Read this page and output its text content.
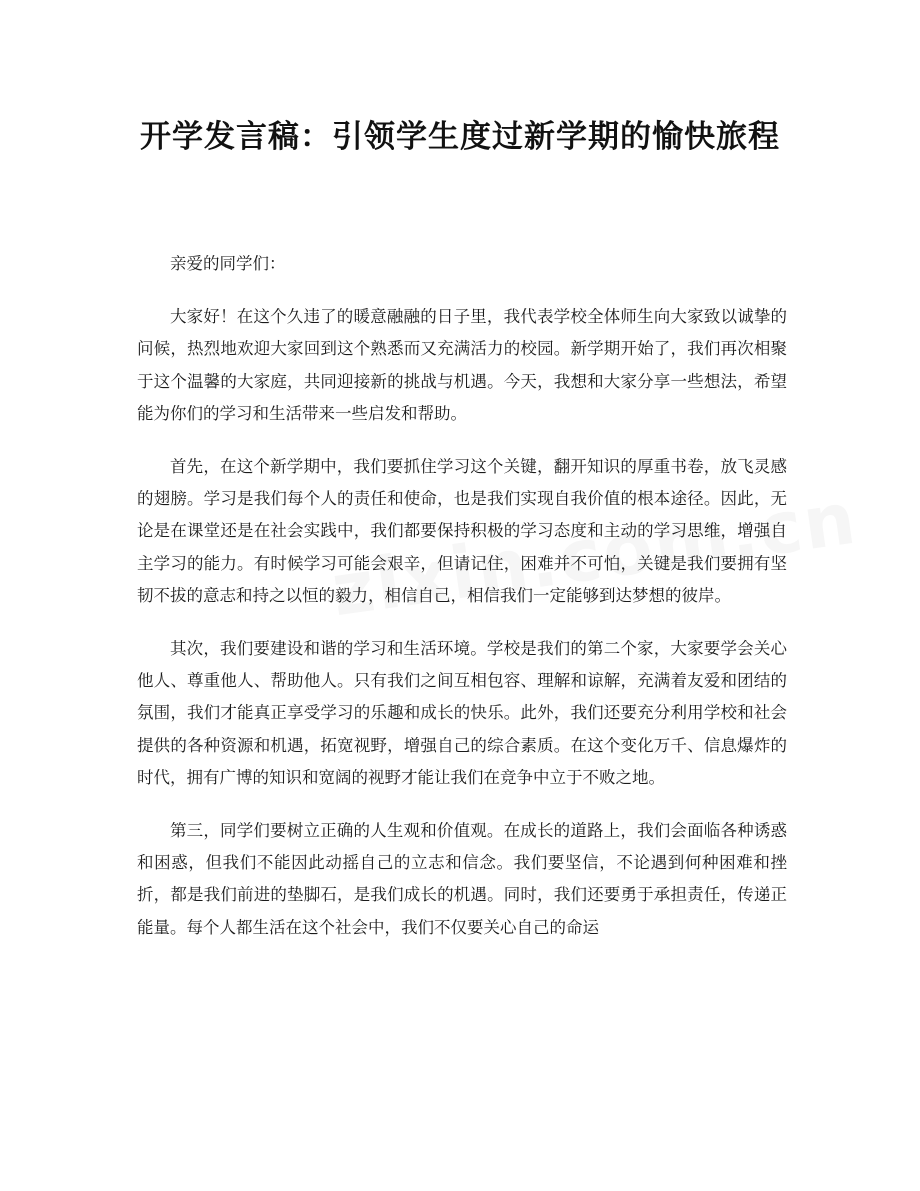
开学发言稿：引领学生度过新学期的愉快旅程

亲爱的同学们：

大家好！在这个久违了的暖意融融的日子里，我代表学校全体师生向大家致以诚挚的问候，热烈地欢迎大家回到这个熟悉而又充满活力的校园。新学期开始了，我们再次相聚于这个温馨的大家庭，共同迎接新的挑战与机遇。今天，我想和大家分享一些想法，希望能为你们的学习和生活带来一些启发和帮助。

首先，在这个新学期中，我们要抓住学习这个关键，翻开知识的厚重书卷，放飞灵感的翅膀。学习是我们每个人的责任和使命，也是我们实现自我价值的根本途径。因此，无论是在课堂还是在社会实践中，我们都要保持积极的学习态度和主动的学习思维，增强自主学习的能力。有时候学习可能会艰辛，但请记住，困难并不可怕，关键是我们要拥有坚韧不拔的意志和持之以恒的毅力，相信自己，相信我们一定能够到达梦想的彼岸。

其次，我们要建设和谐的学习和生活环境。学校是我们的第二个家，大家要学会关心他人、尊重他人、帮助他人。只有我们之间互相包容、理解和谅解，充满着友爱和团结的氛围，我们才能真正享受学习的乐趣和成长的快乐。此外，我们还要充分利用学校和社会提供的各种资源和机遇，拓宽视野，增强自己的综合素质。在这个变化万千、信息爆炸的时代，拥有广博的知识和宽阔的视野才能让我们在竞争中立于不败之地。

第三，同学们要树立正确的人生观和价值观。在成长的道路上，我们会面临各种诱惑和困惑，但我们不能因此动摇自己的立志和信念。我们要坚信，不论遇到何种困难和挫折，都是我们前进的垫脚石，是我们成长的机遇。同时，我们还要勇于承担责任，传递正能量。每个人都生活在这个社会中，我们不仅要关心自己的命运
